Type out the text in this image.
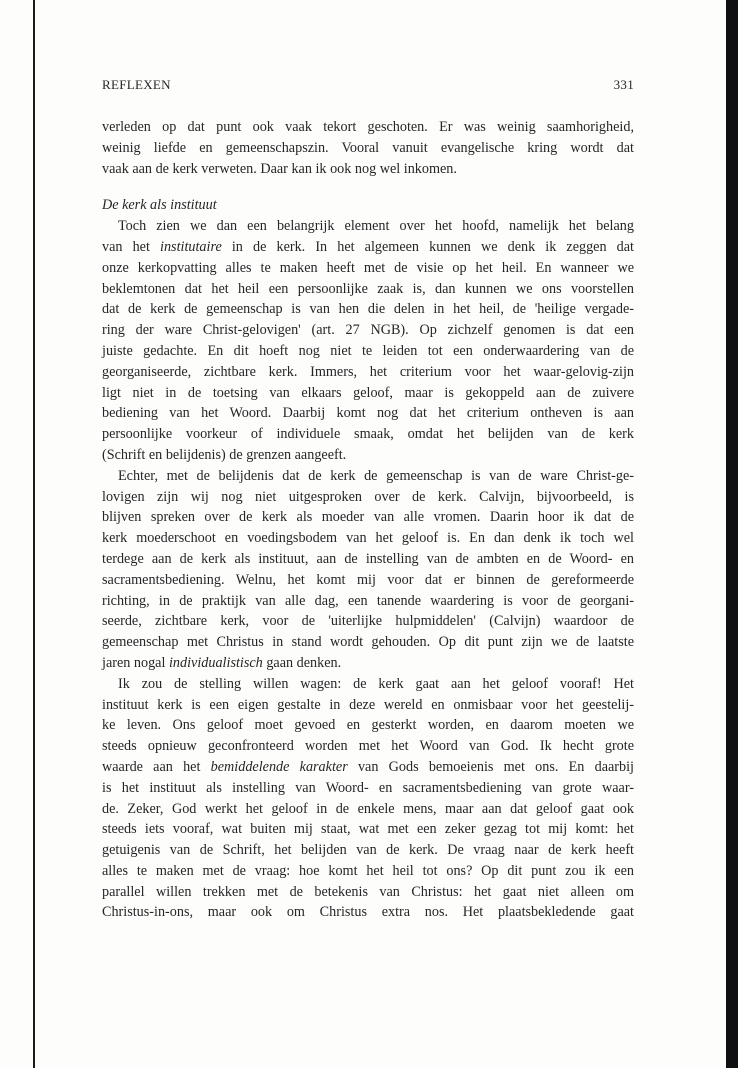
REFLEXEN	331
verleden op dat punt ook vaak tekort geschoten. Er was weinig saamhorigheid,
weinig liefde en gemeenschapszin. Vooral vanuit evangelische kring wordt dat
vaak aan de kerk verweten. Daar kan ik ook nog wel inkomen.
De kerk als instituut
Toch zien we dan een belangrijk element over het hoofd, namelijk het belang
van het institutaire in de kerk. In het algemeen kunnen we denk ik zeggen dat
onze kerkopvatting alles te maken heeft met de visie op het heil. En wanneer we
beklemtonen dat het heil een persoonlijke zaak is, dan kunnen we ons voorstellen
dat de kerk de gemeenschap is van hen die delen in het heil, de 'heilige vergade-
ring der ware Christ-gelovigen' (art. 27 NGB). Op zichzelf genomen is dat een
juiste gedachte. En dit hoeft nog niet te leiden tot een onderwaardering van de
georganiseerde, zichtbare kerk. Immers, het criterium voor het waar-gelovig-zijn
ligt niet in de toetsing van elkaars geloof, maar is gekoppeld aan de zuivere
bediening van het Woord. Daarbij komt nog dat het criterium ontheven is aan
persoonlijke voorkeur of individuele smaak, omdat het belijden van de kerk
(Schrift en belijdenis) de grenzen aangeeft.
Echter, met de belijdenis dat de kerk de gemeenschap is van de ware Christ-ge-
lovigen zijn wij nog niet uitgesproken over de kerk. Calvijn, bijvoorbeeld, is
blijven spreken over de kerk als moeder van alle vromen. Daarin hoor ik dat de
kerk moederschoot en voedingsbodem van het geloof is. En dan denk ik toch wel
terdege aan de kerk als instituut, aan de instelling van de ambten en de Woord- en
sacramentsbediening. Welnu, het komt mij voor dat er binnen de gereformeerde
richting, in de praktijk van alle dag, een tanende waardering is voor de georgani-
seerde, zichtbare kerk, voor de 'uiterlijke hulpmiddelen' (Calvijn) waardoor de
gemeenschap met Christus in stand wordt gehouden. Op dit punt zijn we de laatste
jaren nogal individualistisch gaan denken.
Ik zou de stelling willen wagen: de kerk gaat aan het geloof vooraf! Het
instituut kerk is een eigen gestalte in deze wereld en onmisbaar voor het geestelij-
ke leven. Ons geloof moet gevoed en gesterkt worden, en daarom moeten we
steeds opnieuw geconfronteerd worden met het Woord van God. Ik hecht grote
waarde aan het bemiddelende karakter van Gods bemoeienis met ons. En daarbij
is het instituut als instelling van Woord- en sacramentsbediening van grote waar-
de. Zeker, God werkt het geloof in de enkele mens, maar aan dat geloof gaat ook
steeds iets vooraf, wat buiten mij staat, wat met een zeker gezag tot mij komt: het
getuigenis van de Schrift, het belijden van de kerk. De vraag naar de kerk heeft
alles te maken met de vraag: hoe komt het heil tot ons? Op dit punt zou ik een
parallel willen trekken met de betekenis van Christus: het gaat niet alleen om
Christus-in-ons, maar ook om Christus extra nos. Het plaatsbekledende gaat
